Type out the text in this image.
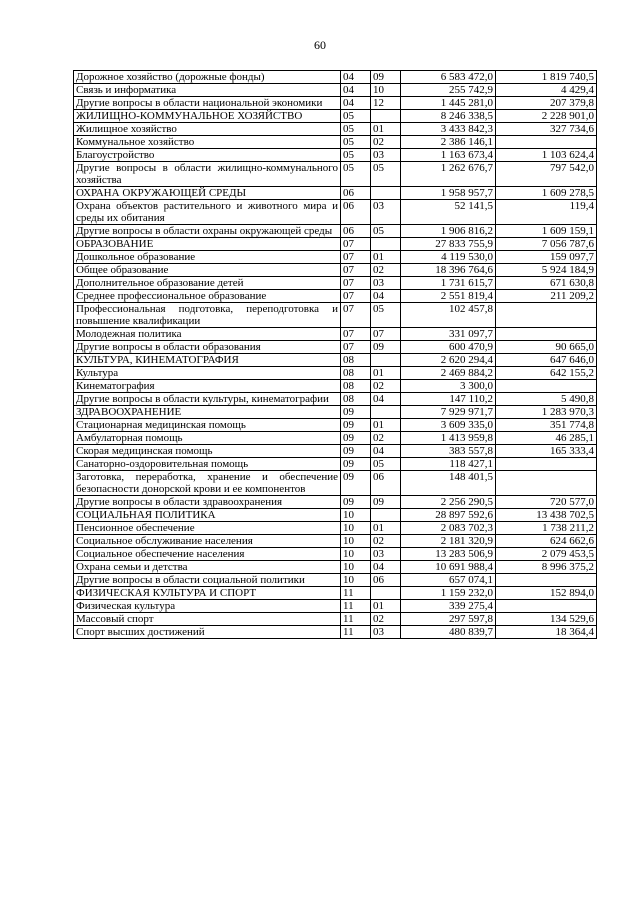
60
Дорожное хозяйство (дорожные фонды)	04	09	6 583 472,0	1 819 740,5
Связь и информатика	04	10	255 742,9	4 429,4
Другие вопросы в области национальной экономики	04	12	1 445 281,0	207 379,8
ЖИЛИЩНО-КОММУНАЛЬНОЕ ХОЗЯЙСТВО	05		8 246 338,5	2 228 901,0
Жилищное хозяйство	05	01	3 433 842,3	327 734,6
Коммунальное хозяйство	05	02	2 386 146,1	
Благоустройство	05	03	1 163 673,4	1 103 624,4
Другие вопросы в области жилищно-коммунального хозяйства	05	05	1 262 676,7	797 542,0
ОХРАНА ОКРУЖАЮЩЕЙ СРЕДЫ	06		1 958 957,7	1 609 278,5
Охрана объектов растительного и животного мира и среды их обитания	06	03	52 141,5	119,4
Другие вопросы в области охраны окружающей среды	06	05	1 906 816,2	1 609 159,1
ОБРАЗОВАНИЕ	07		27 833 755,9	7 056 787,6
Дошкольное образование	07	01	4 119 530,0	159 097,7
Общее образование	07	02	18 396 764,6	5 924 184,9
Дополнительное образование детей	07	03	1 731 615,7	671 630,8
Среднее профессиональное образование	07	04	2 551 819,4	211 209,2
Профессиональная подготовка, переподготовка и повышение квалификации	07	05	102 457,8	
Молодежная политика	07	07	331 097,7	
Другие вопросы в области образования	07	09	600 470,9	90 665,0
КУЛЬТУРА, КИНЕМАТОГРАФИЯ	08		2 620 294,4	647 646,0
Культура	08	01	2 469 884,2	642 155,2
Кинематография	08	02	3 300,0	
Другие вопросы в области культуры, кинематографии	08	04	147 110,2	5 490,8
ЗДРАВООХРАНЕНИЕ	09		7 929 971,7	1 283 970,3
Стационарная медицинская помощь	09	01	3 609 335,0	351 774,8
Амбулаторная помощь	09	02	1 413 959,8	46 285,1
Скорая медицинская помощь	09	04	383 557,8	165 333,4
Санаторно-оздоровительная помощь	09	05	118 427,1	
Заготовка, переработка, хранение и обеспечение безопасности донорской крови и ее компонентов	09	06	148 401,5	
Другие вопросы в области здравоохранения	09	09	2 256 290,5	720 577,0
СОЦИАЛЬНАЯ ПОЛИТИКА	10		28 897 592,6	13 438 702,5
Пенсионное обеспечение	10	01	2 083 702,3	1 738 211,2
Социальное обслуживание населения	10	02	2 181 320,9	624 662,6
Социальное обеспечение населения	10	03	13 283 506,9	2 079 453,5
Охрана семьи и детства	10	04	10 691 988,4	8 996 375,2
Другие вопросы в области социальной политики	10	06	657 074,1	
ФИЗИЧЕСКАЯ КУЛЬТУРА И СПОРТ	11		1 159 232,0	152 894,0
Физическая культура	11	01	339 275,4	
Массовый спорт	11	02	297 597,8	134 529,6
Спорт высших достижений	11	03	480 839,7	18 364,4
